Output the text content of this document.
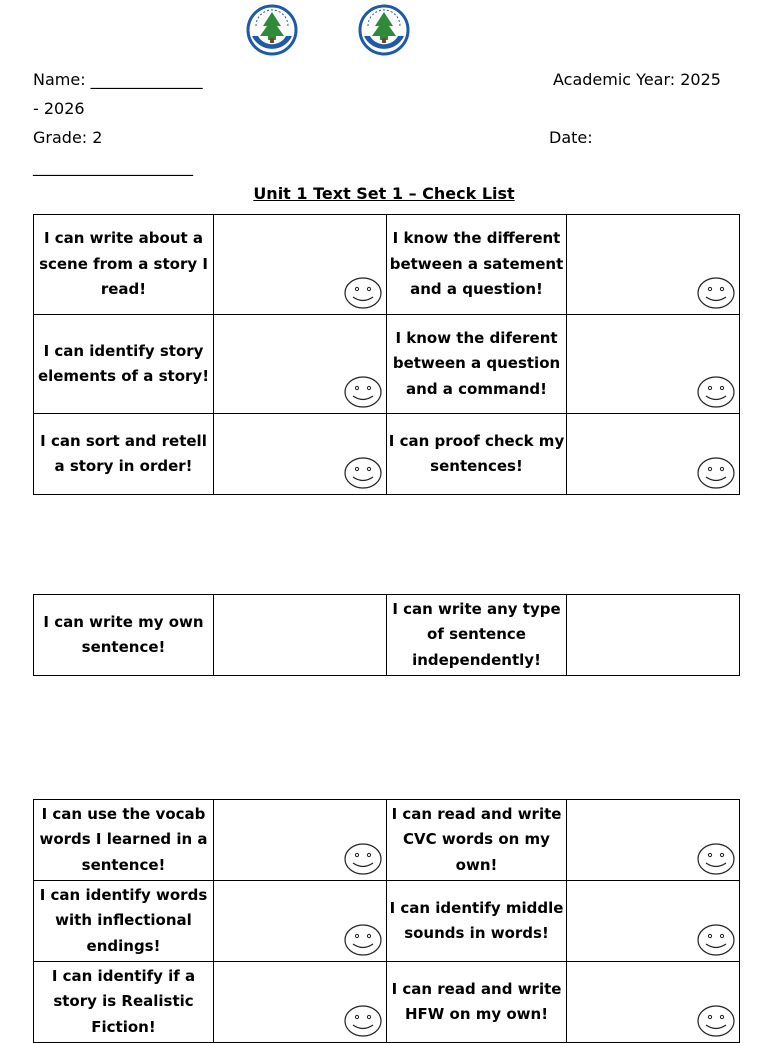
Name: ______________	Academic Year: 2025
- 2026
Grade: 2	Date:
____________________
Unit 1 Text Set 1 – Check List
I can write about a scene from a story I read!		I know the different between a satement and a question!	

I can identify story elements of a story!		I know the diferent between a question and a command!	

I can sort and retell a story in order!		I can proof check my sentences!	
I can write my own sentence!		I can write any type of sentence independently!	
I can use the vocab words I learned in a sentence!		I can read and write CVC words on my own!	

I can identify words with inflectional endings!		I can identify middle sounds in words!	

I can identify if a story is Realistic Fiction!		I can read and write HFW on my own!	
